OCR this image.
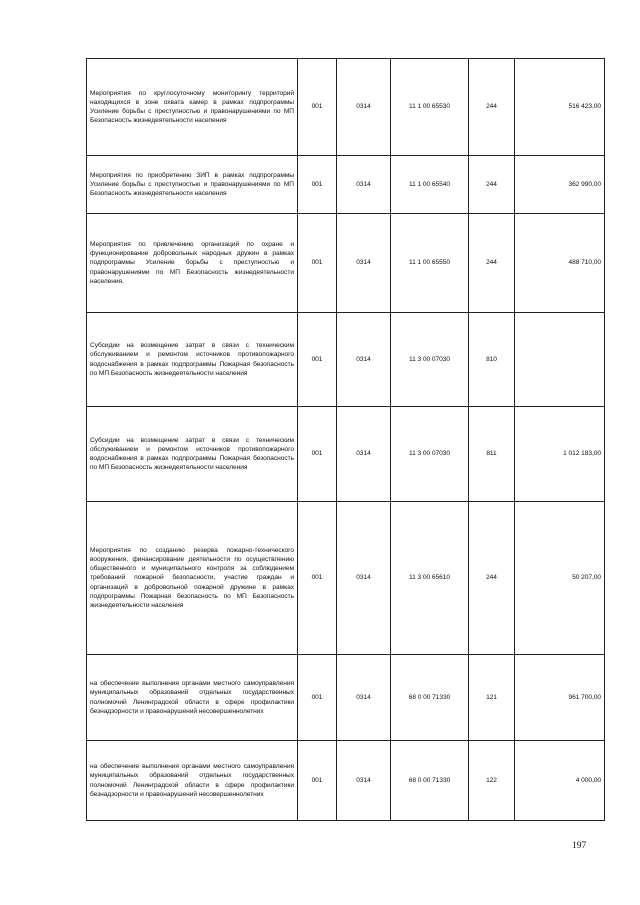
Мероприятия по круглосуточному мониторингу территорий находящихся в зоне охвата камер в рамках подпрограммы Усиление борьбы с преступностью и правонарушениями по МП Безопасность жизнедеятельности населения	001	0314	11 1 00 65530	244	516 423,00
Мероприятия по приобретению ЗИП в рамках подпрограммы Усиление борьбы с преступностью и правонарушениями по МП Безопасность жизнедеятельности населения	001	0314	11 1 00 65540	244	362 990,00
Мероприятия по привлечению организаций по охране и функционирование добровольных народных дружин в рамках подпрограммы Усиление борьбы с преступностью и правонарушениями по МП Безопасность жизнедеятельности населения.	001	0314	11 1 00 65550	244	488 710,00
Субсидии на возмещение затрат в связи с техническим обслуживанием и ремонтом источников противопожарного водоснабжения в рамках подпрограммы Пожарная безопасность по МП Безопасность жизнедеятельности населения	001	0314	11 3 00 07030	810	
Субсидии на возмещение затрат в связи с техническим обслуживанием и ремонтом источников противопожарного водоснабжения в рамках подпрограммы Пожарная безопасность по МП Безопасность жизнедеятельности населения	001	0314	11 3 00 07030	811	1 012 183,00
Мероприятия по созданию резерва пожарно-технического вооружения, финансирование деятельности по осуществлению общественного и муниципального контроля за соблюдением требований пожарной безопасности, участие граждан и организаций в добровольной пожарной дружине в рамках подпрограммы Пожарная безопасность по МП Безопасность жизнедеятельности населения	001	0314	11 3 00 65610	244	50 207,00
на обеспечение выполнения органами местного самоуправления муниципальных образований отдельных государственных полномочий Ленинградской области в сфере профилактики безнадзорности и правонарушений несовершеннолетних	001	0314	68 0 00 71330	121	961 700,00
на обеспечение выполнения органами местного самоуправления муниципальных образований отдельных государственных полномочий Ленинградской области в сфере профилактики безнадзорности и правонарушений несовершеннолетних	001	0314	68 0 00 71330	122	4 000,00
197
